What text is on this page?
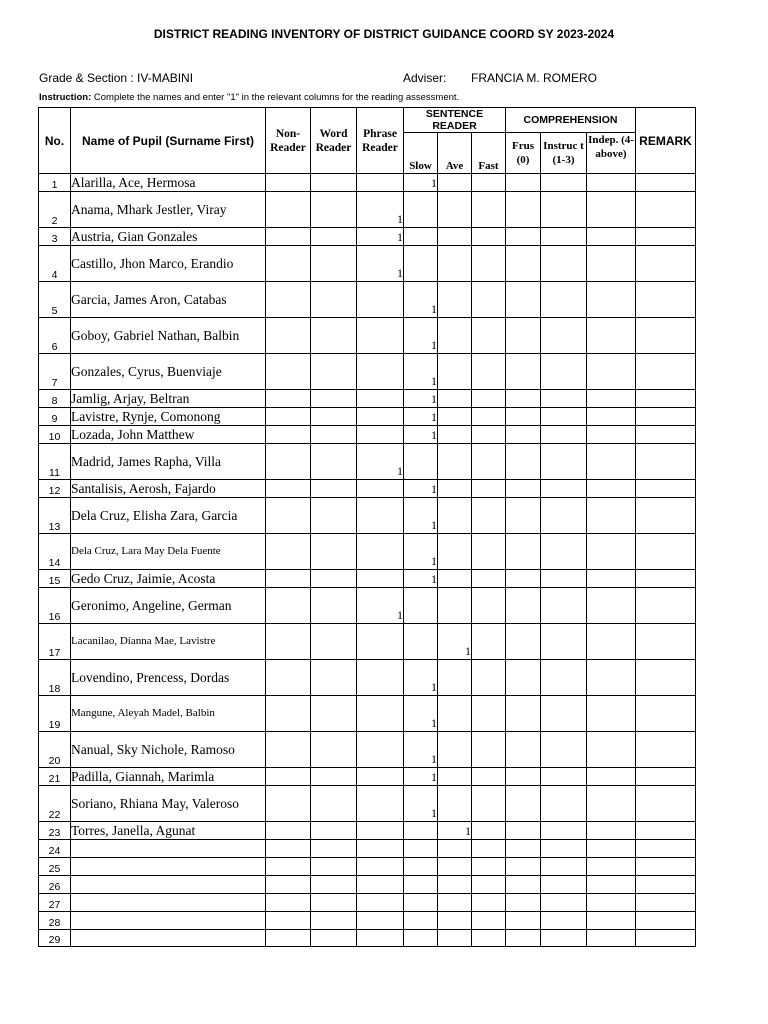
DISTRICT READING INVENTORY OF DISTRICT GUIDANCE COORD SY 2023-2024
Grade & Section : IV-MABINI	Adviser: FRANCIA M. ROMERO
Instruction: Complete the names and enter "1" in the relevant columns for the reading assessment.
No.	Name of Pupil (Surname First)	Non-Reader	Word Reader	Phrase Reader	SENTENCE READER			COMPREHENSION			REMARK
					Slow	Ave	Fast	Frus (0)	Instruc t (1-3)	Indep. (4-above)	
1	Alarilla, Ace, Hermosa				1						
2	Anama, Mhark Jestler, Viray			1							
3	Austria, Gian Gonzales			1							
4	Castillo, Jhon Marco, Erandio			1							
5	Garcia, James Aron, Catabas				1						
6	Goboy, Gabriel Nathan, Balbin				1						
7	Gonzales, Cyrus, Buenviaje				1						
8	Jamlig, Arjay, Beltran				1						
9	Lavistre, Rynje, Comonong				1						
10	Lozada, John Matthew				1						
11	Madrid, James Rapha, Villa			1							
12	Santalisis, Aerosh, Fajardo				1						
13	Dela Cruz, Elisha Zara, Garcia				1						
14	Dela Cruz, Lara May Dela Fuente				1						
15	Gedo Cruz, Jaimie, Acosta				1						
16	Geronimo, Angeline, German			1							
17	Lacanilao, Dianna Mae, Lavistre					1					
18	Lovendino, Prencess, Dordas				1						
19	Mangune, Aleyah Madel, Balbin				1						
20	Nanual, Sky Nichole, Ramoso				1						
21	Padilla, Giannah, Marimla				1						
22	Soriano, Rhiana May, Valeroso				1						
23	Torres, Janella, Agunat					1					
24											
25											
26											
27											
28											
29											
